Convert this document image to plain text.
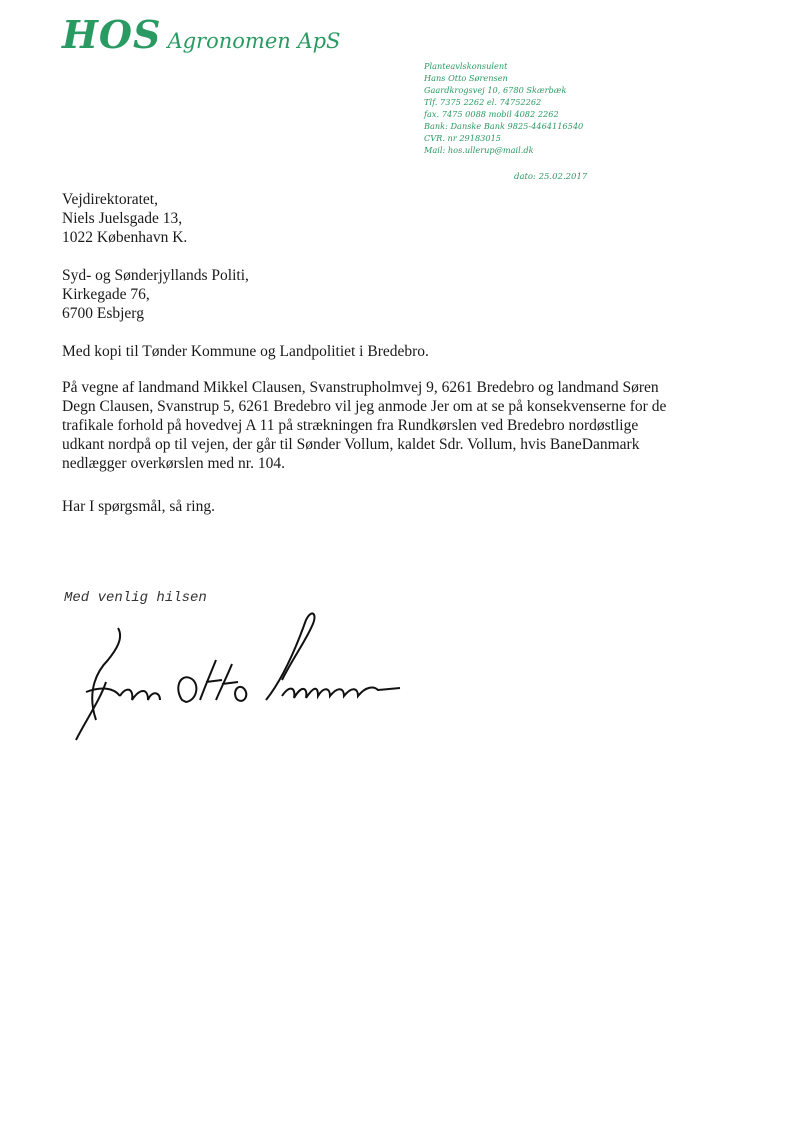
HOS Agronomen ApS
Planteavlskonsulent
Hans Otto Sørensen
Gaardkrogsvej 10, 6780 Skærbæk
Tlf. 7375 2262 el. 74752262
fax. 7475 0088 mobil 4082 2262
Bank: Danske Bank 9825-4464116540
CVR. nr 29183015
Mail: hos.ullerup@mail.dk
dato: 25.02.2017
Vejdirektoratet,
Niels Juelsgade 13,
1022 København K.
Syd- og Sønderjyllands Politi,
Kirkegade 76,
6700 Esbjerg
Med kopi til Tønder Kommune og Landpolitiet i Bredebro.
På vegne af landmand Mikkel Clausen, Svanstrupholmvej 9, 6261 Bredebro og landmand Søren
Degn Clausen, Svanstrup 5, 6261 Bredebro vil jeg anmode Jer om at se på konsekvenserne for de
trafikale forhold på hovedvej A 11 på strækningen fra Rundkørslen ved Bredebro nordøstlige
udkant nordpå op til vejen, der går til Sønder Vollum, kaldet Sdr. Vollum, hvis BaneDanmark
nedlægger overkørslen med nr. 104.
Har I spørgsmål, så ring.
Med venlig hilsen
